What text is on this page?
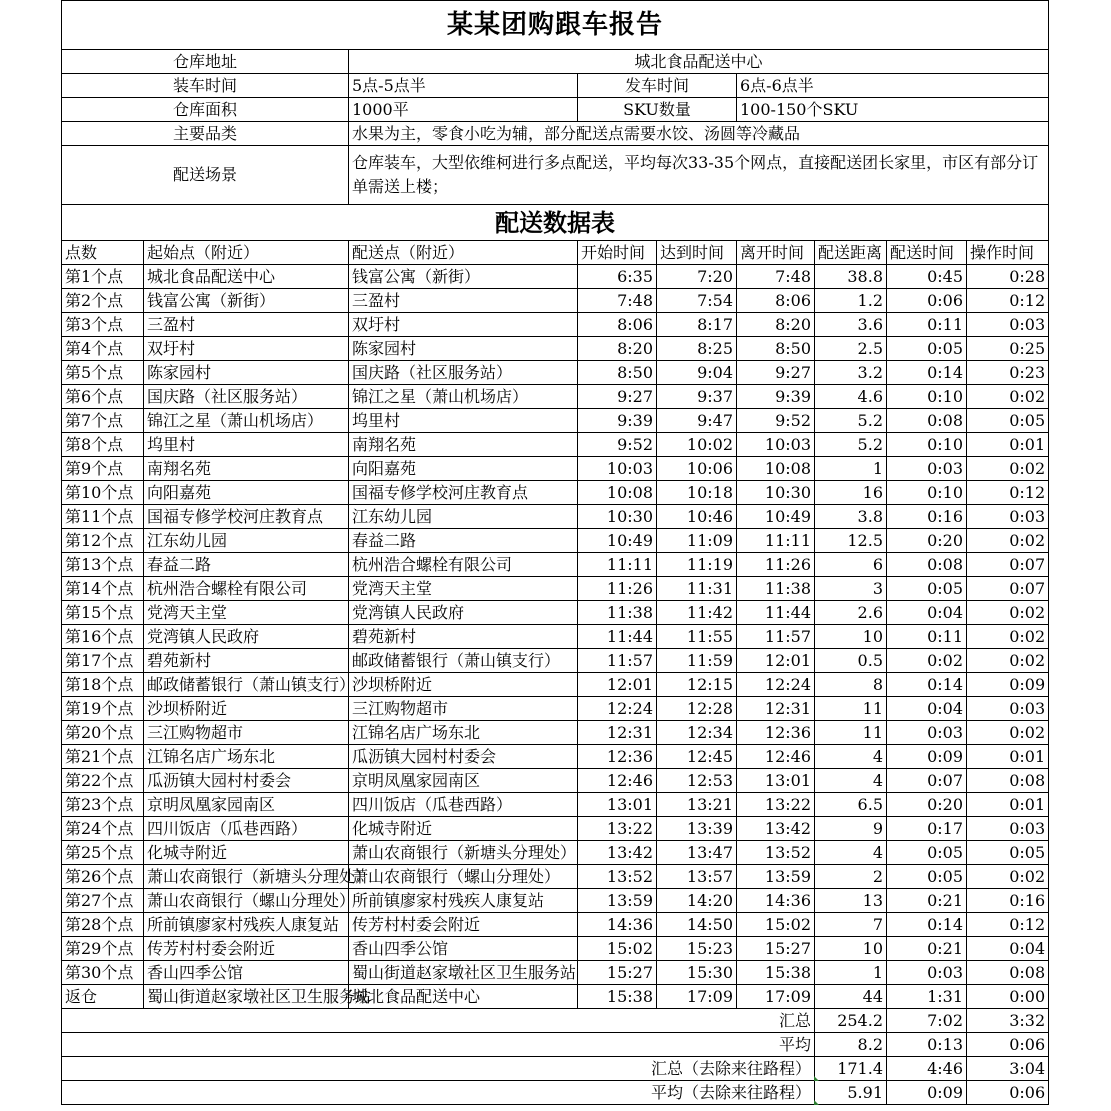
某某团购跟车报告								
仓库地址		城北食品配送中心						
装车时间		5点-5点半	发车时间		6点-6点半			
仓库面积		1000平	SKU数量		100-150个SKU			
主要品类		水果为主，零食小吃为辅，部分配送点需要水饺、汤圆等冷藏品						
配送场景		仓库装车，大型依维柯进行多点配送，平均每次33-35个网点，直接配送团长家里，市区有部分订单需送上楼；						
配送数据表								
点数	起始点（附近）	配送点（附近）	开始时间	达到时间	离开时间	配送距离	配送时间	操作时间
第1个点	城北食品配送中心	钱富公寓（新街）	6:35	7:20	7:48	38.8	0:45	0:28
第2个点	钱富公寓（新街）	三盈村	7:48	7:54	8:06	1.2	0:06	0:12
第3个点	三盈村	双圩村	8:06	8:17	8:20	3.6	0:11	0:03
第4个点	双圩村	陈家园村	8:20	8:25	8:50	2.5	0:05	0:25
第5个点	陈家园村	国庆路（社区服务站）	8:50	9:04	9:27	3.2	0:14	0:23
第6个点	国庆路（社区服务站）	锦江之星（萧山机场店）	9:27	9:37	9:39	4.6	0:10	0:02
第7个点	锦江之星（萧山机场店）	坞里村	9:39	9:47	9:52	5.2	0:08	0:05
第8个点	坞里村	南翔名苑	9:52	10:02	10:03	5.2	0:10	0:01
第9个点	南翔名苑	向阳嘉苑	10:03	10:06	10:08	1	0:03	0:02
第10个点	向阳嘉苑	国福专修学校河庄教育点	10:08	10:18	10:30	16	0:10	0:12
第11个点	国福专修学校河庄教育点	江东幼儿园	10:30	10:46	10:49	3.8	0:16	0:03
第12个点	江东幼儿园	春益二路	10:49	11:09	11:11	12.5	0:20	0:02
第13个点	春益二路	杭州浩合螺栓有限公司	11:11	11:19	11:26	6	0:08	0:07
第14个点	杭州浩合螺栓有限公司	党湾天主堂	11:26	11:31	11:38	3	0:05	0:07
第15个点	党湾天主堂	党湾镇人民政府	11:38	11:42	11:44	2.6	0:04	0:02
第16个点	党湾镇人民政府	碧苑新村	11:44	11:55	11:57	10	0:11	0:02
第17个点	碧苑新村	邮政储蓄银行（萧山镇支行）	11:57	11:59	12:01	0.5	0:02	0:02
第18个点	邮政储蓄银行（萧山镇支行）	沙坝桥附近	12:01	12:15	12:24	8	0:14	0:09
第19个点	沙坝桥附近	三江购物超市	12:24	12:28	12:31	11	0:04	0:03
第20个点	三江购物超市	江锦名店广场东北	12:31	12:34	12:36	11	0:03	0:02
第21个点	江锦名店广场东北	瓜沥镇大园村村委会	12:36	12:45	12:46	4	0:09	0:01
第22个点	瓜沥镇大园村村委会	京明凤凰家园南区	12:46	12:53	13:01	4	0:07	0:08
第23个点	京明凤凰家园南区	四川饭店（瓜巷西路）	13:01	13:21	13:22	6.5	0:20	0:01
第24个点	四川饭店（瓜巷西路）	化城寺附近	13:22	13:39	13:42	9	0:17	0:03
第25个点	化城寺附近	萧山农商银行（新塘头分理处）	13:42	13:47	13:52	4	0:05	0:05
第26个点	萧山农商银行（新塘头分理处）	萧山农商银行（螺山分理处）	13:52	13:57	13:59	2	0:05	0:02
第27个点	萧山农商银行（螺山分理处）	所前镇廖家村残疾人康复站	13:59	14:20	14:36	13	0:21	0:16
第28个点	所前镇廖家村残疾人康复站	传芳村村委会附近	14:36	14:50	15:02	7	0:14	0:12
第29个点	传芳村村委会附近	香山四季公馆	15:02	15:23	15:27	10	0:21	0:04
第30个点	香山四季公馆	蜀山街道赵家墩社区卫生服务站	15:27	15:30	15:38	1	0:03	0:08
返仓	蜀山街道赵家墩社区卫生服务站	城北食品配送中心	15:38	17:09	17:09	44	1:31	0:00
汇总						254.2	7:02	3:32
平均						8.2	0:13	0:06
汇总（去除来往路程）						171.4	4:46	3:04
平均（去除来往路程）						5.91	0:09	0:06
